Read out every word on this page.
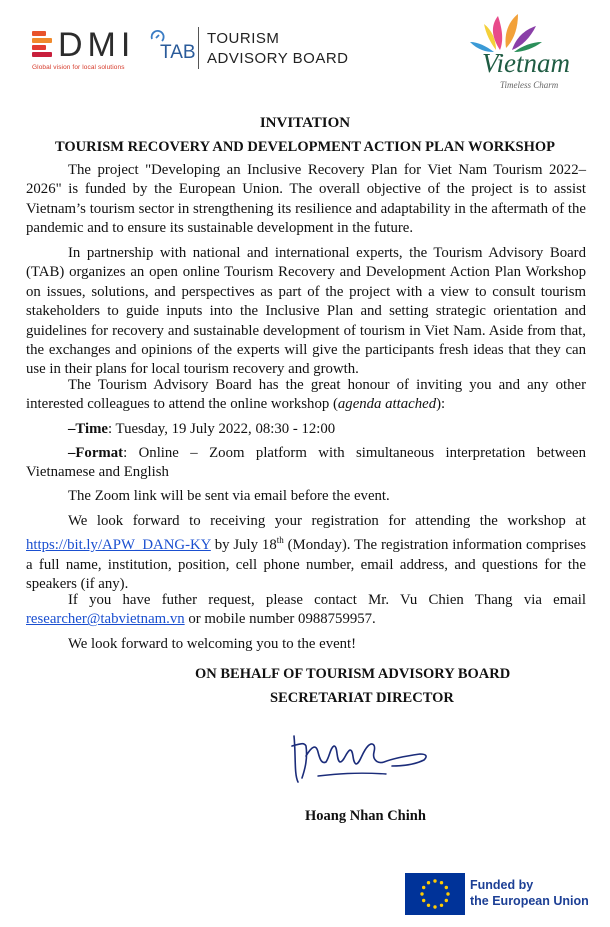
DMI
Global vision for local solutions
TAB
TOURISM
ADVISORY BOARD	Vietnam
Timeless Charm
INVITATION
TOURISM RECOVERY AND DEVELOPMENT ACTION PLAN WORKSHOP

The project "Developing an Inclusive Recovery Plan for Viet Nam Tourism 2022–2026" is funded by the European Union. The overall objective of the project is to assist Vietnam’s tourism sector in strengthening its resilience and adaptability in the aftermath of the pandemic and to ensure its sustainable development in the future.

In partnership with national and international experts, the Tourism Advisory Board (TAB) organizes an open online Tourism Recovery and Development Action Plan Workshop on issues, solutions, and perspectives as part of the project with a view to consult tourism stakeholders to guide inputs into the Inclusive Plan and setting strategic orientation and guidelines for recovery and sustainable development of tourism in Viet Nam. Aside from that, the exchanges and opinions of the experts will give the participants fresh ideas that they can use in their plans for local tourism recovery and growth.

The Tourism Advisory Board has the great honour of inviting you and any other interested colleagues to attend the online workshop (agenda attached):

–Time: Tuesday, 19 July 2022, 08:30 - 12:00

–Format: Online – Zoom platform with simultaneous interpretation between Vietnamese and English

The Zoom link will be sent via email before the event.

We look forward to receiving your registration for attending the workshop at https://bit.ly/APW_DANG-KY by July 18th (Monday). The registration information comprises a full name, institution, position, cell phone number, email address, and questions for the speakers (if any).

If you have futher request, please contact Mr. Vu Chien Thang via email researcher@tabvietnam.vn or mobile number 0988759957.

We look forward to welcoming you to the event!

ON BEHALF OF TOURISM ADVISORY BOARD
SECRETARIAT DIRECTOR
Hoang Nhan Chinh
Funded by
the European Union
